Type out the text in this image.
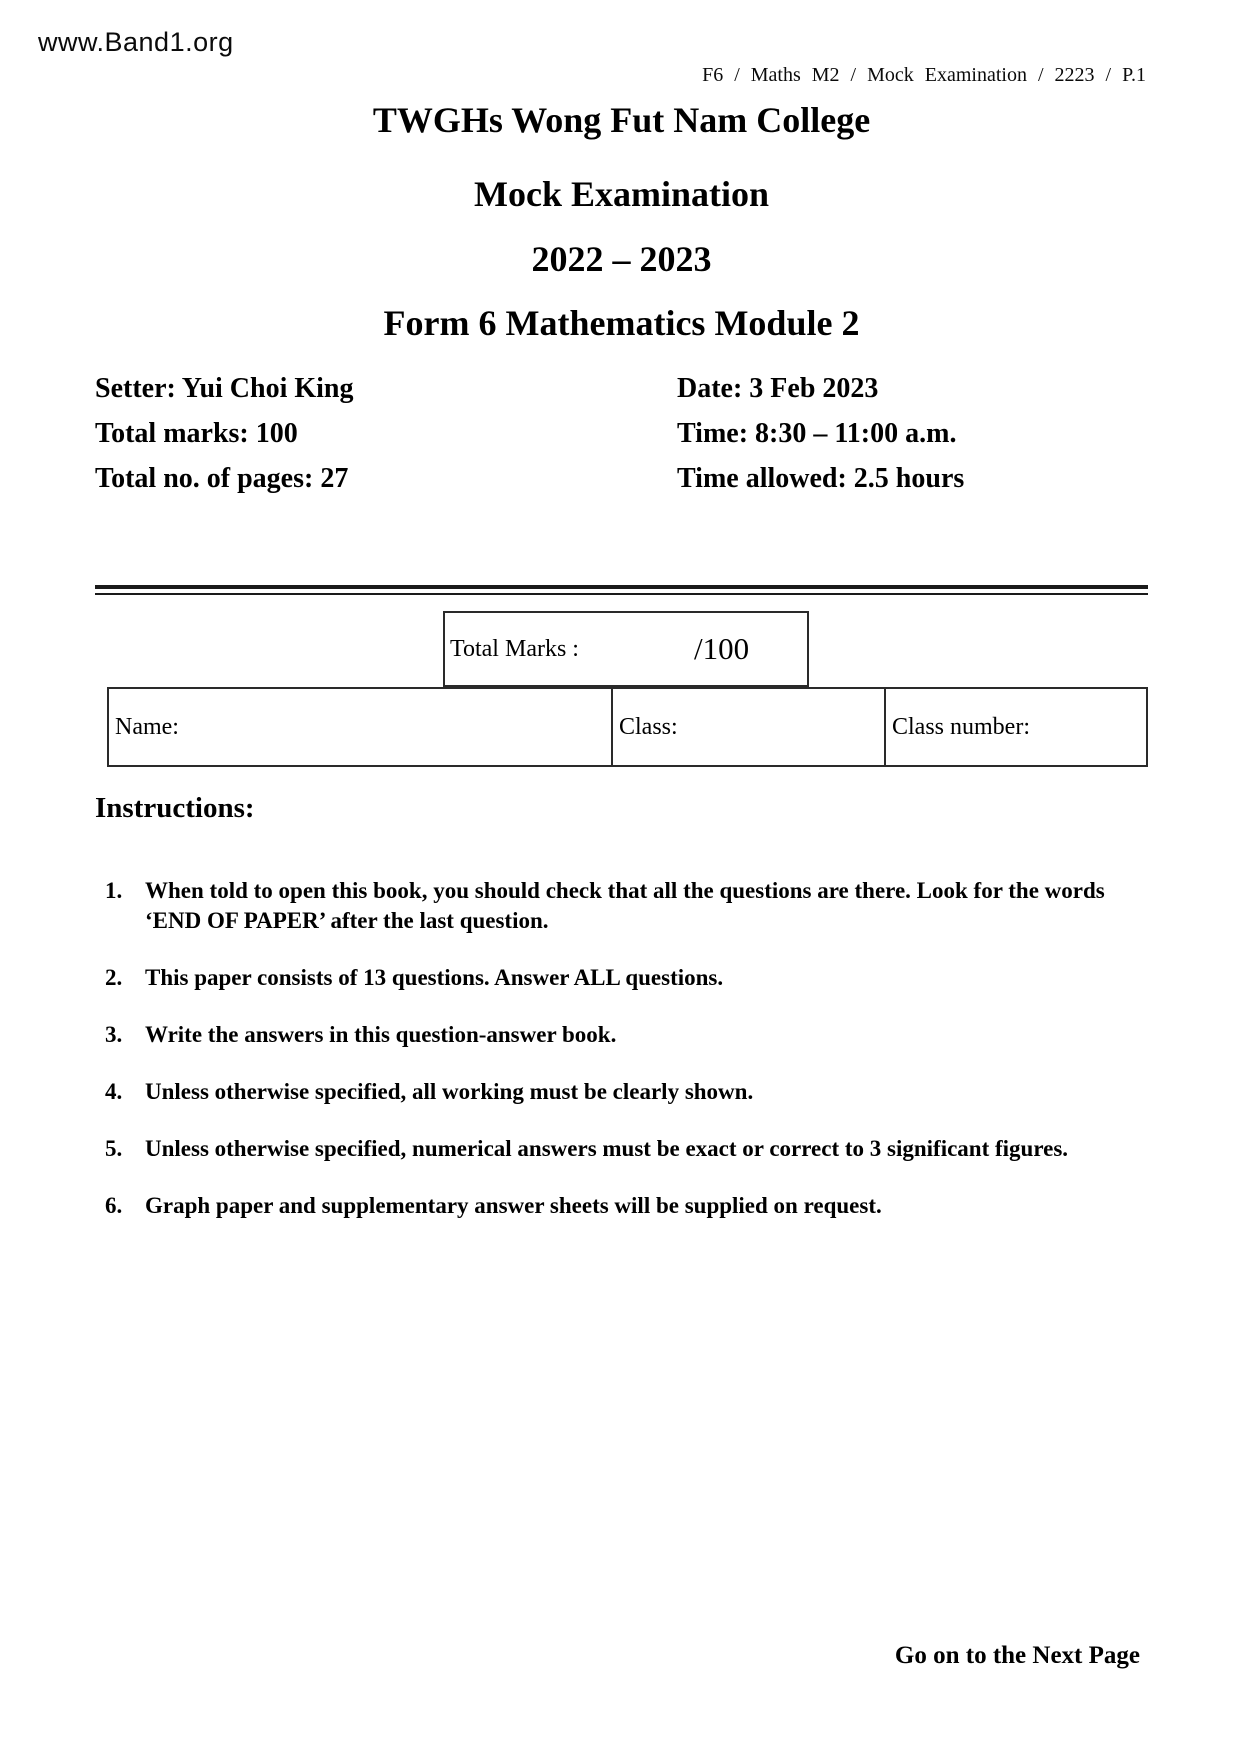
www.Band1.org
F6 / Maths M2 / Mock Examination / 2223 / P.1
TWGHs Wong Fut Nam College
Mock Examination
2022 – 2023
Form 6 Mathematics Module 2
Setter: Yui Choi King
Total marks: 100
Total no. of pages: 27
Date: 3 Feb 2023
Time: 8:30 – 11:00 a.m.
Time allowed: 2.5 hours
Total Marks :	/100
Name:	Class:	Class number:
Instructions:
1. When told to open this book, you should check that all the questions are there. Look for the words ‘END OF PAPER’ after the last question.
2. This paper consists of 13 questions. Answer ALL questions.
3. Write the answers in this question-answer book.
4. Unless otherwise specified, all working must be clearly shown.
5. Unless otherwise specified, numerical answers must be exact or correct to 3 significant figures.
6. Graph paper and supplementary answer sheets will be supplied on request.
Go on to the Next Page
